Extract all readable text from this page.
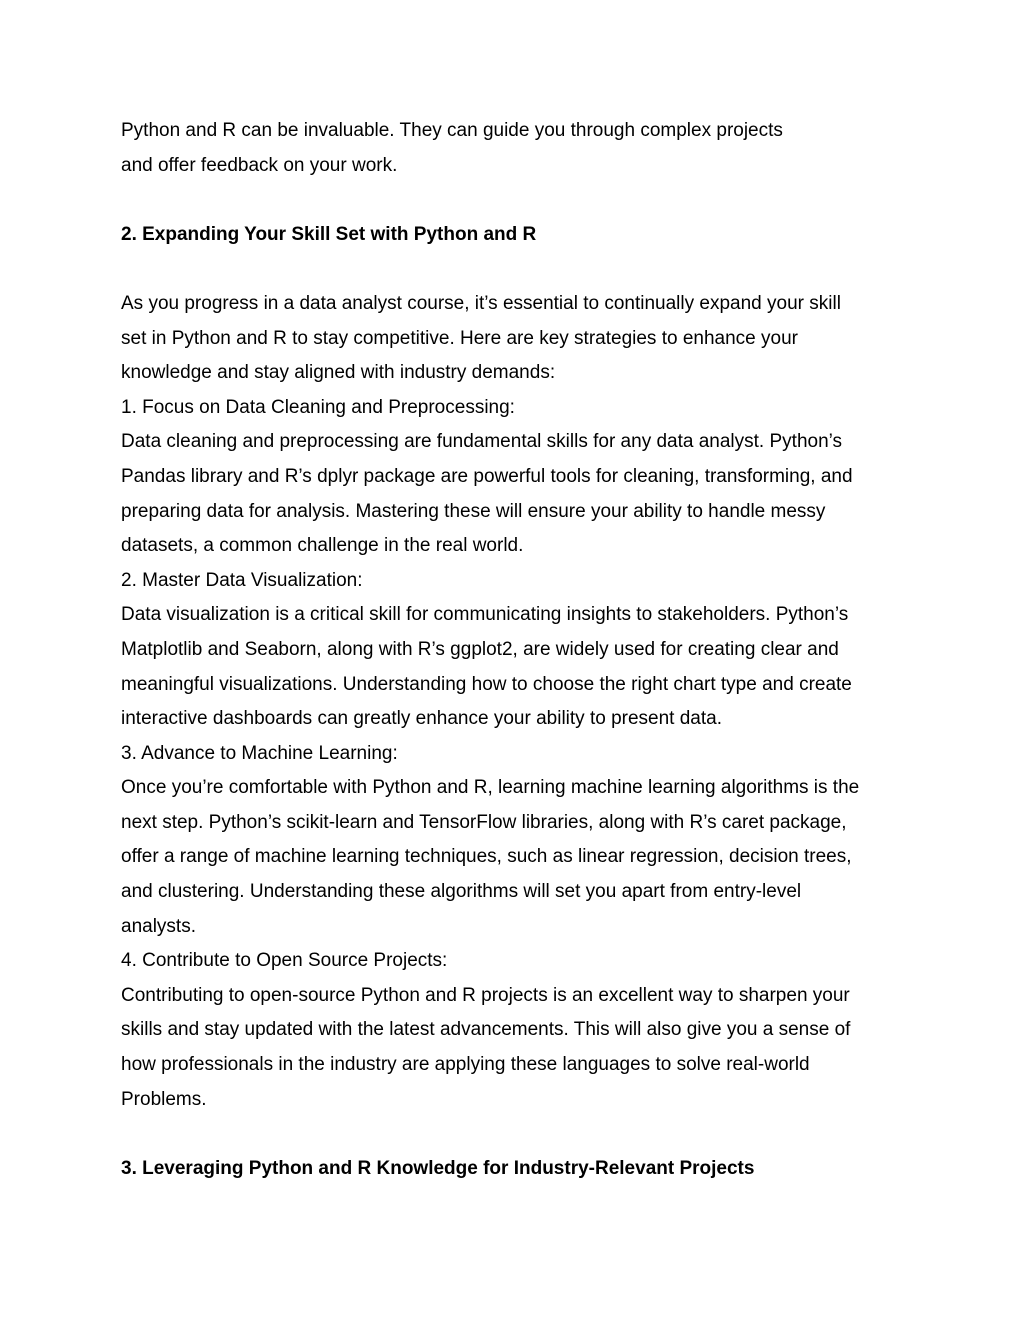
Python and R can be invaluable. They can guide you through complex projects
and offer feedback on your work.
2. Expanding Your Skill Set with Python and R
As you progress in a data analyst course, it’s essential to continually expand your skill
set in Python and R to stay competitive. Here are key strategies to enhance your
knowledge and stay aligned with industry demands:
1. Focus on Data Cleaning and Preprocessing:
Data cleaning and preprocessing are fundamental skills for any data analyst. Python’s
Pandas library and R’s dplyr package are powerful tools for cleaning, transforming, and
preparing data for analysis. Mastering these will ensure your ability to handle messy
datasets, a common challenge in the real world.
2. Master Data Visualization:
Data visualization is a critical skill for communicating insights to stakeholders. Python’s
Matplotlib and Seaborn, along with R’s ggplot2, are widely used for creating clear and
meaningful visualizations. Understanding how to choose the right chart type and create
interactive dashboards can greatly enhance your ability to present data.
3. Advance to Machine Learning:
Once you’re comfortable with Python and R, learning machine learning algorithms is the
next step. Python’s scikit-learn and TensorFlow libraries, along with R’s caret package,
offer a range of machine learning techniques, such as linear regression, decision trees,
and clustering. Understanding these algorithms will set you apart from entry-level
analysts.
4. Contribute to Open Source Projects:
Contributing to open-source Python and R projects is an excellent way to sharpen your
skills and stay updated with the latest advancements. This will also give you a sense of
how professionals in the industry are applying these languages to solve real-world
Problems.
3. Leveraging Python and R Knowledge for Industry-Relevant Projects
